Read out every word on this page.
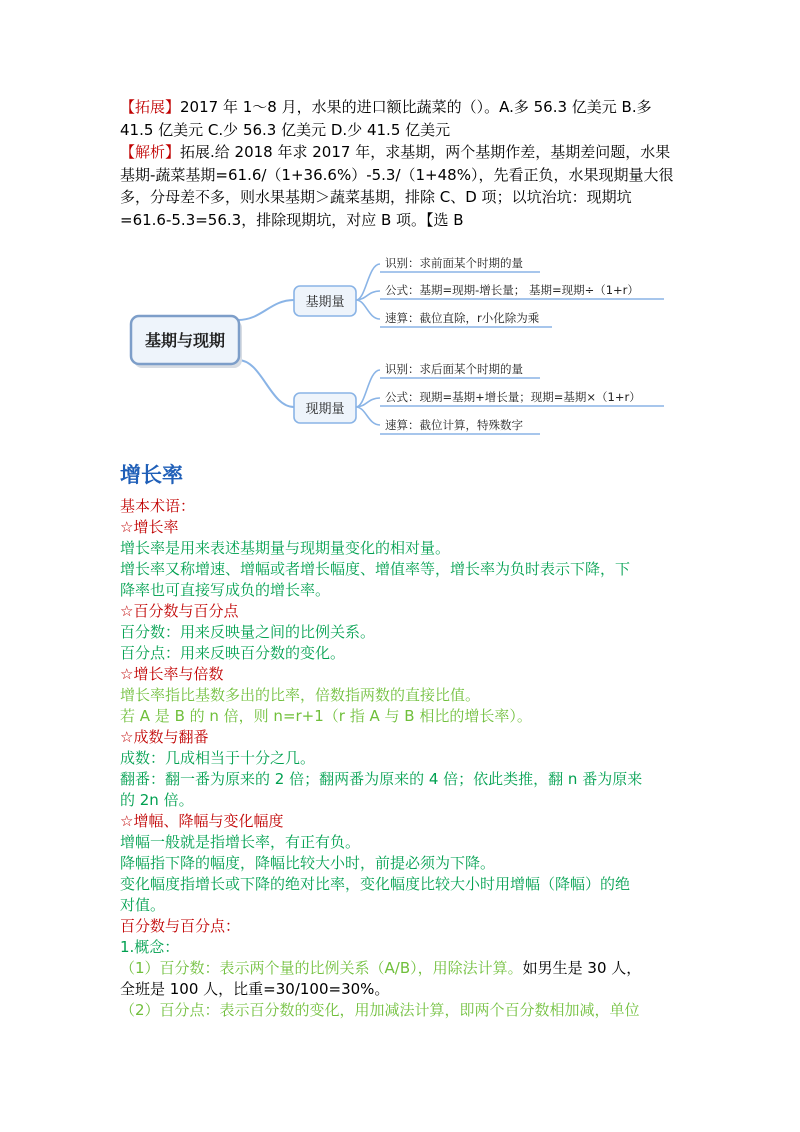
【拓展】2017 年 1～8 月，水果的进口额比蔬菜的（）。A.多 56.3 亿美元 B.多 41.5 亿美元 C.少 56.3 亿美元 D.少 41.5 亿美元
【解析】拓展.给 2018 年求 2017 年，求基期，两个基期作差，基期差问题，水果基期-蔬菜基期=61.6/（1+36.6%）-5.3/（1+48%），先看正负，水果现期量大很多，分母差不多，则水果基期＞蔬菜基期，排除 C、D 项；以坑治坑：现期坑=61.6-5.3=56.3，排除现期坑，对应 B 项。【选 B
基期与现期
基期量
现期量
识别：求前面某个时期的量
公式：基期=现期-增长量； 基期=现期÷（1+r）
速算：截位直除，r小化除为乘
识别：求后面某个时期的量
公式：现期=基期+增长量；现期=基期×（1+r）
速算：截位计算，特殊数字
增长率
基本术语：
☆增长率
增长率是用来表述基期量与现期量变化的相对量。
增长率又称增速、增幅或者增长幅度、增值率等，增长率为负时表示下降，下
降率也可直接写成负的增长率。
☆百分数与百分点
百分数：用来反映量之间的比例关系。
百分点：用来反映百分数的变化。
☆增长率与倍数
增长率指比基数多出的比率，倍数指两数的直接比值。
若 A 是 B 的 n 倍，则 n=r+1（r 指 A 与 B 相比的增长率）。
☆成数与翻番
成数：几成相当于十分之几。
翻番：翻一番为原来的 2 倍；翻两番为原来的 4 倍；依此类推，翻 n 番为原来
的 2n 倍。
☆增幅、降幅与变化幅度
增幅一般就是指增长率，有正有负。
降幅指下降的幅度，降幅比较大小时，前提必须为下降。
变化幅度指增长或下降的绝对比率，变化幅度比较大小时用增幅（降幅）的绝
对值。
百分数与百分点：
1.概念：
（1）百分数：表示两个量的比例关系（A/B），用除法计算。如男生是 30 人，
全班是 100 人，比重=30/100=30%。
（2）百分点：表示百分数的变化，用加减法计算，即两个百分数相加减，单位
